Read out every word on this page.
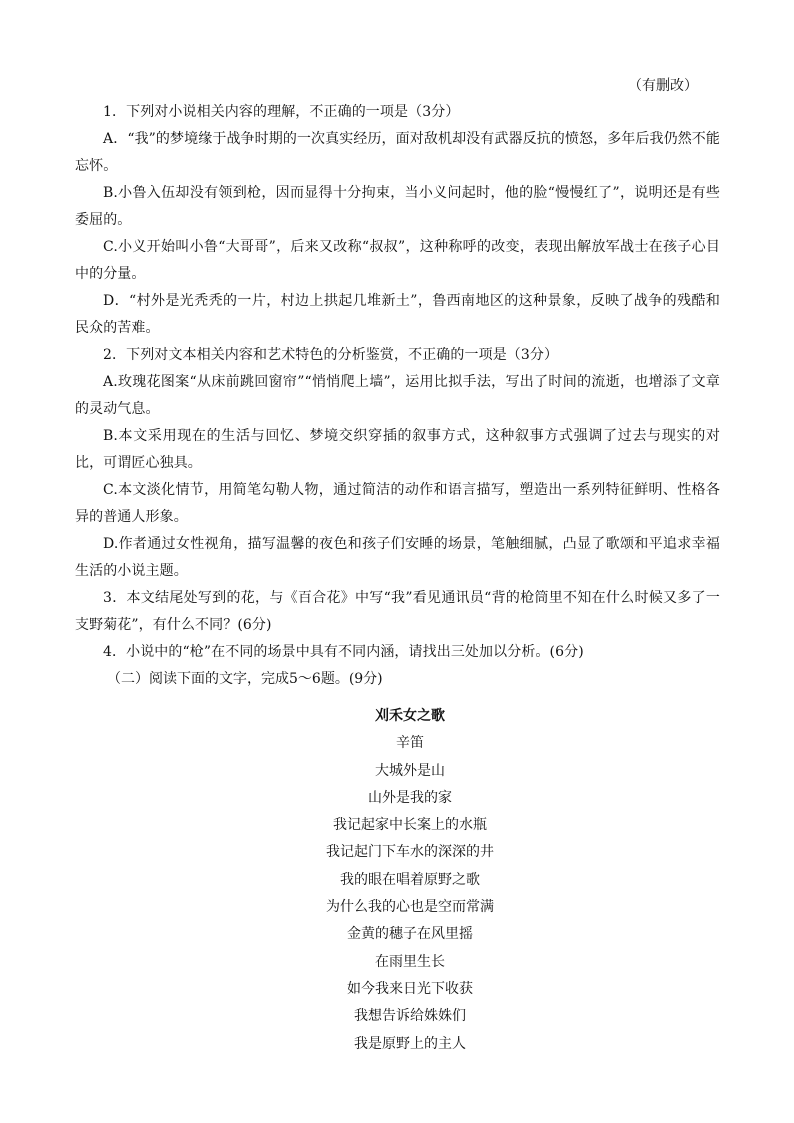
（有删改）

1．下列对小说相关内容的理解，不正确的一项是（3分）

A．“我”的梦境缘于战争时期的一次真实经历，面对敌机却没有武器反抗的愤怒，多年后我仍然不能忘怀。

B.小鲁入伍却没有领到枪，因而显得十分拘束，当小义问起时，他的脸“慢慢红了”，说明还是有些委屈的。

C.小义开始叫小鲁“大哥哥”，后来又改称“叔叔”，这种称呼的改变，表现出解放军战士在孩子心目中的分量。

D．“村外是光秃秃的一片，村边上拱起几堆新土”，鲁西南地区的这种景象，反映了战争的残酷和民众的苦难。

2．下列对文本相关内容和艺术特色的分析鉴赏，不正确的一项是（3分）

A.玫瑰花图案“从床前跳回窗帘”“悄悄爬上墙”，运用比拟手法，写出了时间的流逝，也增添了文章的灵动气息。

B.本文采用现在的生活与回忆、梦境交织穿插的叙事方式，这种叙事方式强调了过去与现实的对比，可谓匠心独具。

C.本文淡化情节，用简笔勾勒人物，通过简洁的动作和语言描写，塑造出一系列特征鲜明、性格各异的普通人形象。

D.作者通过女性视角，描写温馨的夜色和孩子们安睡的场景，笔触细腻，凸显了歌颂和平追求幸福生活的小说主题。

3．本文结尾处写到的花，与《百合花》中写“我”看见通讯员“背的枪筒里不知在什么时候又多了一支野菊花”，有什么不同？(6分)

4．小说中的“枪”在不同的场景中具有不同内涵，请找出三处加以分析。(6分)

（二）阅读下面的文字，完成5～6题。(9分)

刈禾女之歌
辛笛
大城外是山
山外是我的家
我记起家中长案上的水瓶
我记起门下车水的深深的井
我的眼在唱着原野之歌
为什么我的心也是空而常满
金黄的穗子在风里摇
在雨里生长
如今我来日光下收获
我想告诉给姝姝们
我是原野上的主人
